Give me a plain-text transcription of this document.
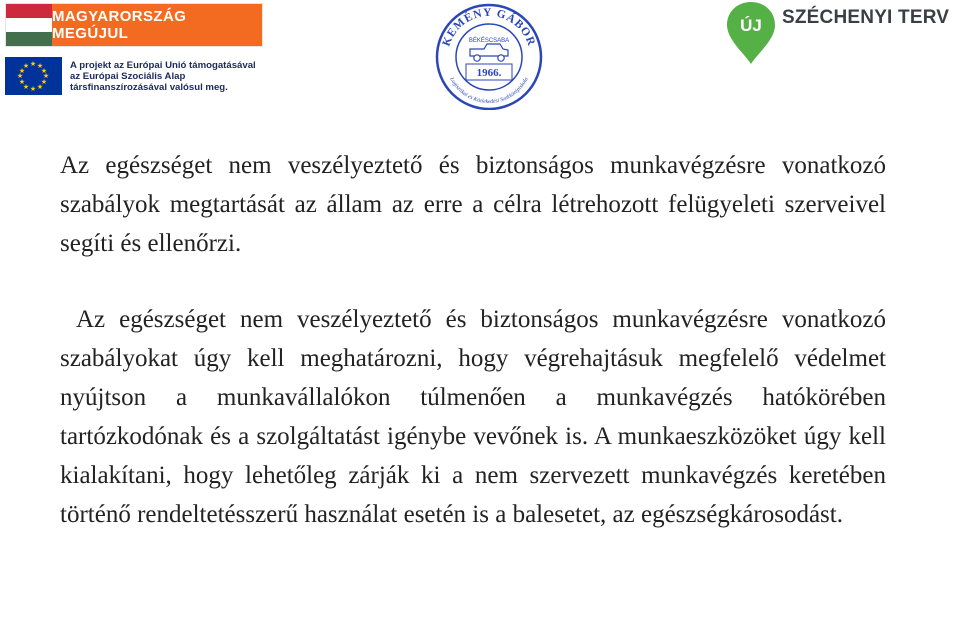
MAGYARORSZÁG MEGÚJUL
★ ★
★
★
★
★
★
★
★
★
★
★	A projekt az Európai Unió támogatásával
az Európai Szociális Alap
társfinanszírozásával valósul meg.
KEMÉNY GÁBOR
Logisztikai és Közlekedési Szakközépiskola
BÉKÉSCSABA
1966.
ÚJ SZÉCHENYI TERV

Az egészséget nem veszélyeztető és biztonságos munkavégzésre vonatkozó szabályok megtartását az állam az erre a célra létrehozott felügyeleti szerveivel segíti és ellenőrzi.

Az egészséget nem veszélyeztető és biztonságos munkavégzésre vonatkozó szabályokat úgy kell meghatározni, hogy végrehajtásuk megfelelő védelmet nyújtson a munkavállalókon túlmenően a munkavégzés hatókörében tartózkodónak és a szolgáltatást igénybe vevőnek is. A munkaeszközöket úgy kell kialakítani, hogy lehetőleg zárják ki a nem szervezett munkavégzés keretében történő rendeltetésszerű használat esetén is a balesetet, az egészségkárosodást.
